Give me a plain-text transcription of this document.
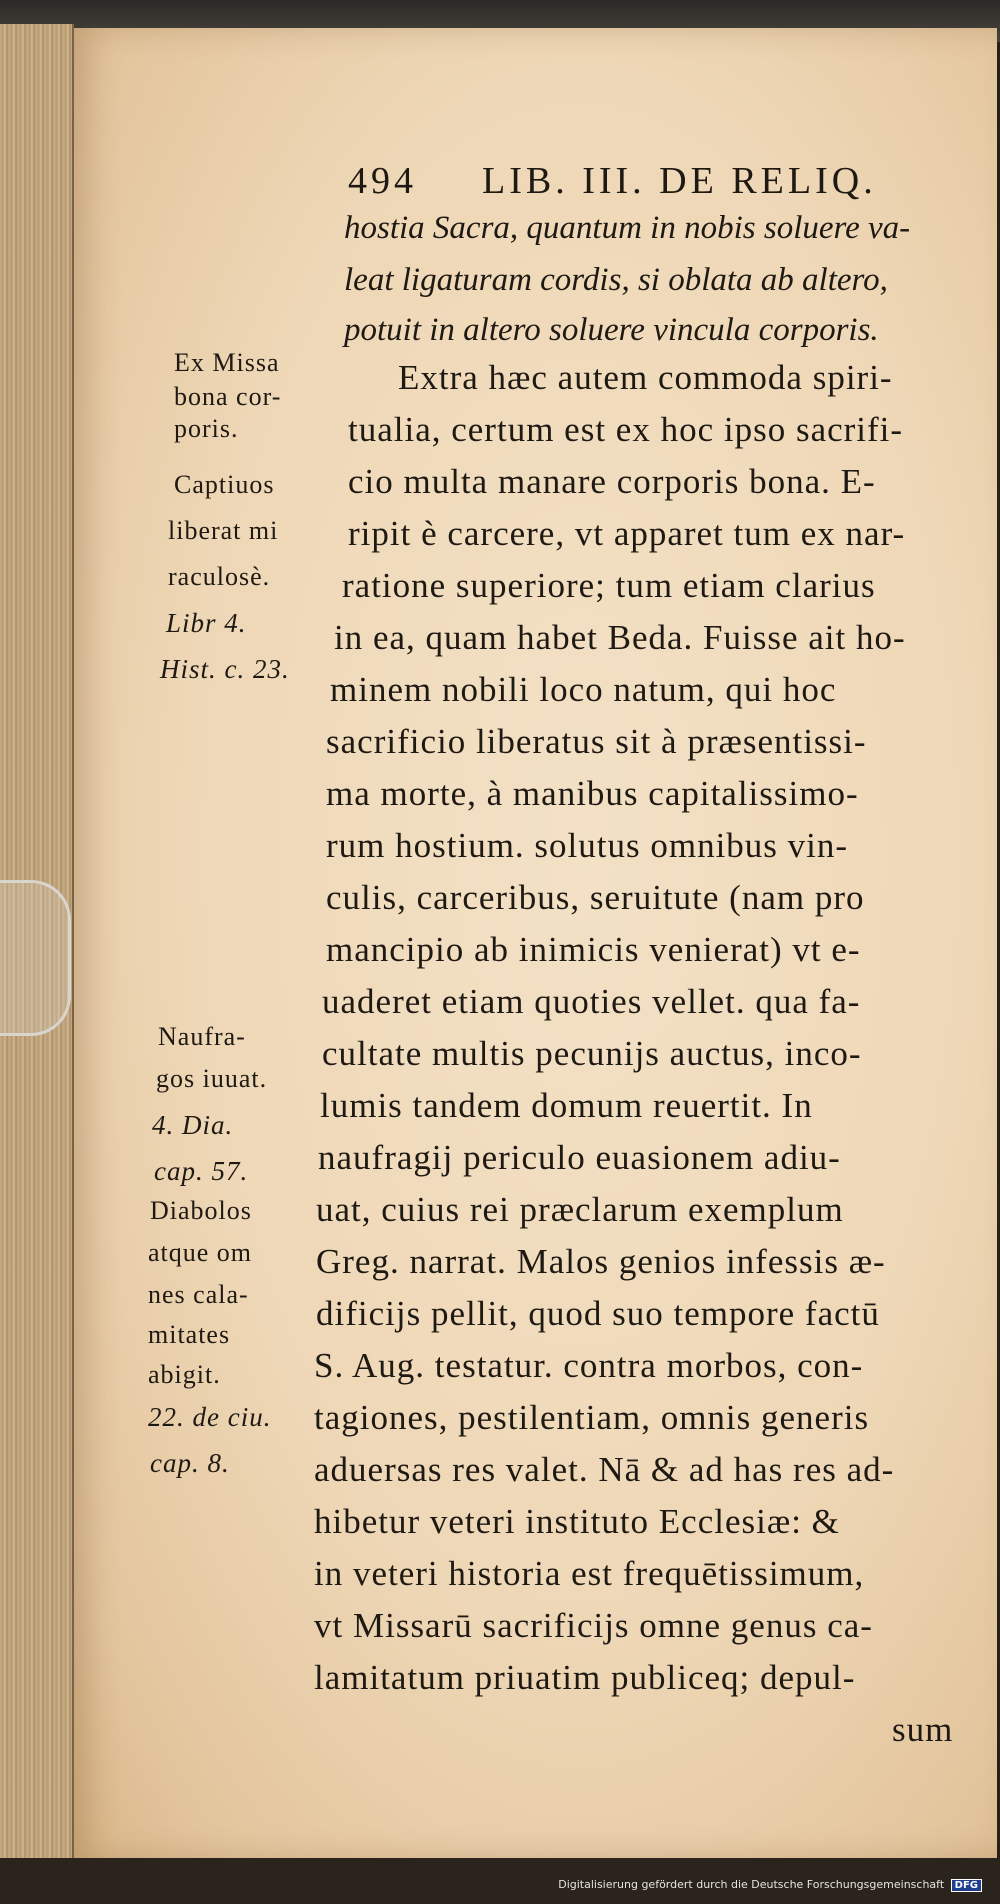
494 LIB. III. DE RELIQ.
hostia Sacra, quantum in nobis soluere va-
leat ligaturam cordis, si oblata ab altero,
potuit in altero soluere vincula corporis.
Extra hæc autem commoda spiri-
tualia, certum est ex hoc ipso sacrifi-
cio multa manare corporis bona. E-
ripit è carcere, vt apparet tum ex nar-
ratione superiore; tum etiam clarius
in ea, quam habet Beda. Fuisse ait ho-
minem nobili loco natum, qui hoc
sacrificio liberatus sit à præsentissi-
ma morte, à manibus capitalissimo-
rum hostium. solutus omnibus vin-
culis, carceribus, seruitute (nam pro
mancipio ab inimicis venierat) vt e-
uaderet etiam quoties vellet. qua fa-
cultate multis pecunijs auctus, inco-
lumis tandem domum reuertit. In
naufragij periculo euasionem adiu-
uat, cuius rei præclarum exemplum
Greg. narrat. Malos genios infessis æ-
dificijs pellit, quod suo tempore factū
S. Aug. testatur. contra morbos, con-
tagiones, pestilentiam, omnis generis
aduersas res valet. Nā & ad has res ad-
hibetur veteri instituto Ecclesiæ: &
in veteri historia est frequētissimum,
vt Missarū sacrificijs omne genus ca-
lamitatum priuatim publiceq; depul-
sum
Ex Missa
bona cor-
poris.
Captiuos
liberat mi
raculosè.
Libr 4.
Hist. c. 23.
Naufra-
gos iuuat.
4. Dia.
cap. 57.
Diabolos
atque om
nes cala-
mitates
abigit.
22. de ciu.
cap. 8.
Digitalisierung gefördert durch die Deutsche Forschungsgemeinschaft DFG
